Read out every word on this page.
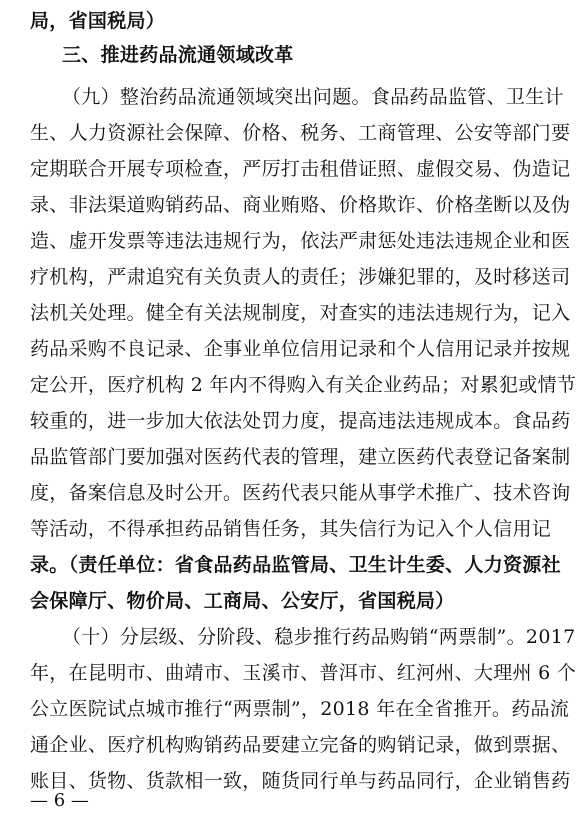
局，省国税局）
三、推进药品流通领域改革
（九）整治药品流通领域突出问题。食品药品监管、卫生计
生、人力资源社会保障、价格、税务、工商管理、公安等部门要
定期联合开展专项检查，严厉打击租借证照、虚假交易、伪造记
录、非法渠道购销药品、商业贿赂、价格欺诈、价格垄断以及伪
造、虚开发票等违法违规行为，依法严肃惩处违法违规企业和医
疗机构，严肃追究有关负责人的责任；涉嫌犯罪的，及时移送司
法机关处理。健全有关法规制度，对查实的违法违规行为，记入
药品采购不良记录、企事业单位信用记录和个人信用记录并按规
定公开，医疗机构 2 年内不得购入有关企业药品；对累犯或情节
较重的，进一步加大依法处罚力度，提高违法违规成本。食品药
品监管部门要加强对医药代表的管理，建立医药代表登记备案制
度，备案信息及时公开。医药代表只能从事学术推广、技术咨询
等活动，不得承担药品销售任务，其失信行为记入个人信用记
录。（责任单位：省食品药品监管局、卫生计生委、人力资源社
会保障厅、物价局、工商局、公安厅，省国税局）
（十）分层级、分阶段、稳步推行药品购销“两票制”。2017
年，在昆明市、曲靖市、玉溪市、普洱市、红河州、大理州 6 个
公立医院试点城市推行“两票制”，2018 年在全省推开。药品流
通企业、医疗机构购销药品要建立完备的购销记录，做到票据、
账目、货物、货款相一致，随货同行单与药品同行，企业销售药
— 6 —
